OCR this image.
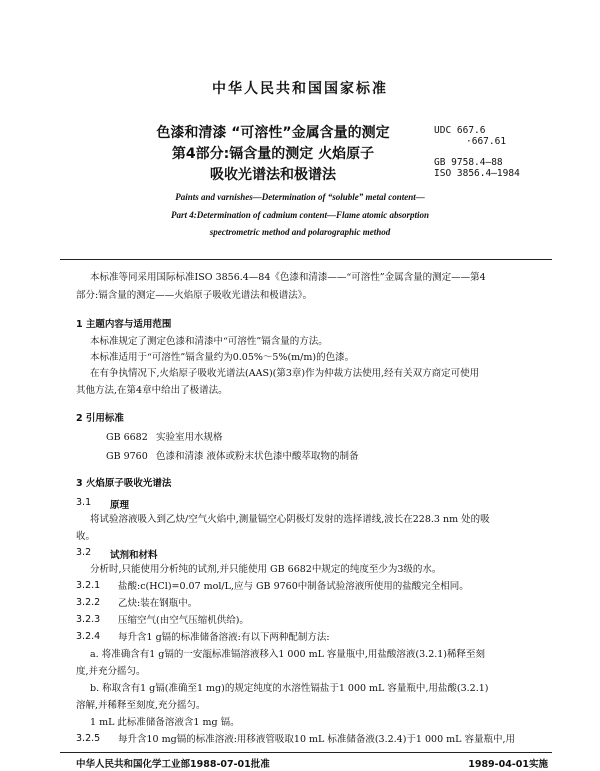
中华人民共和国国家标准
色漆和清漆 “可溶性”金属含量的测定
第4部分:镉含量的测定 火焰原子
吸收光谱法和极谱法
UDC 667.6
·667.61
GB 9758.4—88
ISO 3856.4—1984
Paints and varnishes—Determination of “soluble” metal content—
Part 4:Determination of cadmium content—Flame atomic absorption
spectrometric method and polarographic method
本标准等同采用国际标准ISO 3856.4—84《色漆和清漆——“可溶性”金属含量的测定——第4
部分:镉含量的测定——火焰原子吸收光谱法和极谱法》。
1 主题内容与适用范围
本标准规定了测定色漆和清漆中“可溶性”镉含量的方法。
本标准适用于“可溶性”镉含量约为0.05%～5%(m/m)的色漆。
在有争执情况下,火焰原子吸收光谱法(AAS)(第3章)作为仲裁方法使用,经有关双方商定可使用
其他方法,在第4章中给出了极谱法。
2 引用标准
GB 6682 实验室用水规格
GB 9760 色漆和清漆 液体或粉末状色漆中酸萃取物的制备
3 火焰原子吸收光谱法
3.1 原理
将试验溶液吸入到乙炔/空气火焰中,测量镉空心阴极灯发射的选择谱线,波长在228.3 nm 处的吸
收。
3.2 试剂和材料
分析时,只能使用分析纯的试剂,并只能使用 GB 6682中规定的纯度至少为3级的水。
3.2.1 盐酸:c(HCl)=0.07 mol/L,应与 GB 9760中制备试验溶液所使用的盐酸完全相同。
3.2.2 乙炔:装在钢瓶中。
3.2.3 压缩空气(由空气压缩机供给)。
3.2.4 每升含1 g镉的标准储备溶液:有以下两种配制方法:
a. 将准确含有1 g镉的一安瓿标准镉溶液移入1 000 mL 容量瓶中,用盐酸溶液(3.2.1)稀释至刻
度,并充分摇匀。
b. 称取含有1 g镉(准确至1 mg)的规定纯度的水溶性镉盐于1 000 mL 容量瓶中,用盐酸(3.2.1)
溶解,并稀释至刻度,充分摇匀。
1 mL 此标准储备溶液含1 mg 镉。
3.2.5 每升含10 mg镉的标准溶液:用移液管吸取10 mL 标准储备液(3.2.4)于1 000 mL 容量瓶中,用
中华人民共和国化学工业部1988-07-01批准	1989-04-01实施
